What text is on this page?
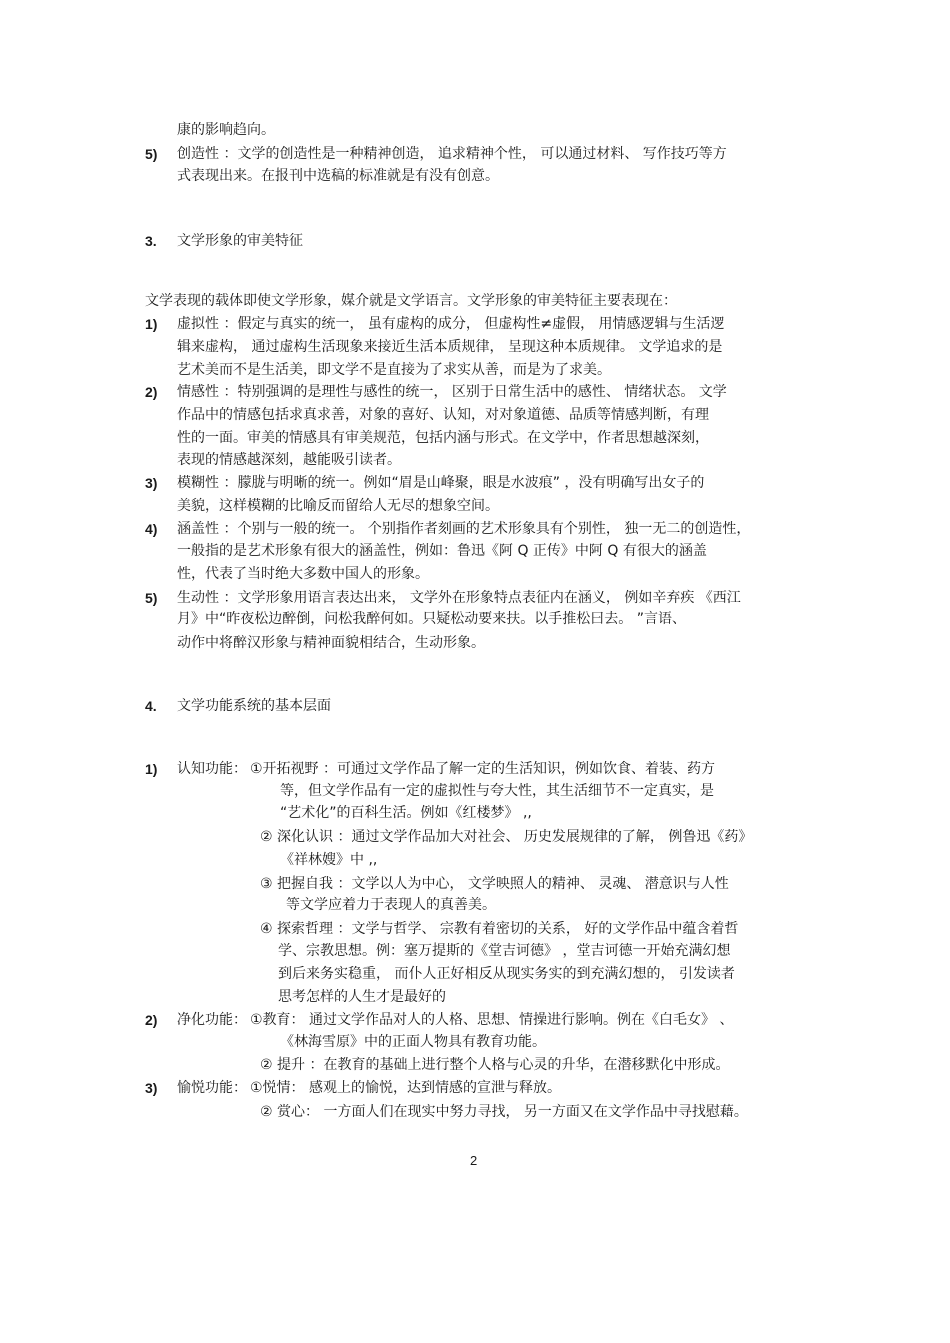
康的影响趋向。
5) 创造性 ：文学的创造性是一种精神创造， 追求精神个性， 可以通过材料、 写作技巧等方
式表现出来。在报刊中选稿的标准就是有没有创意。
3. 文学形象的审美特征
文学表现的载体即使文学形象，媒介就是文学语言。文学形象的审美特征主要表现在：
1) 虚拟性 ：假定与真实的统一， 虽有虚构的成分， 但虚构性≠虚假， 用情感逻辑与生活逻
辑来虚构， 通过虚构生活现象来接近生活本质规律， 呈现这种本质规律。 文学追求的是
艺术美而不是生活美，即文学不是直接为了求实从善，而是为了求美。
2) 情感性 ：特别强调的是理性与感性的统一， 区别于日常生活中的感性、 情绪状态。 文学
作品中的情感包括求真求善，对象的喜好、认知，对对象道德、品质等情感判断，有理
性的一面。审美的情感具有审美规范，包括内涵与形式。在文学中，作者思想越深刻，
表现的情感越深刻，越能吸引读者。
3) 模糊性 ：朦胧与明晰的统一。例如“眉是山峰聚，眼是水波痕” ，没有明确写出女子的
美貌，这样模糊的比喻反而留给人无尽的想象空间。
4) 涵盖性 ：个别与一般的统一。 个别指作者刻画的艺术形象具有个别性， 独一无二的创造性，
一般指的是艺术形象有很大的涵盖性，例如：鲁迅《阿 Q 正传》中阿 Q 有很大的涵盖
性，代表了当时绝大多数中国人的形象。
5) 生动性 ：文学形象用语言表达出来， 文学外在形象特点表征内在涵义， 例如辛弃疾 《西江
月》中“昨夜松边醉倒，问松我醉何如。只疑松动要来扶。以手推松曰去。 ”言语、
动作中将醉汉形象与精神面貌相结合，生动形象。
4. 文学功能系统的基本层面
1) 认知功能： ①开拓视野 ：可通过文学作品了解一定的生活知识，例如饮食、着装、药方
等，但文学作品有一定的虚拟性与夸大性，其生活细节不一定真实，是
“艺术化”的百科生活。例如《红楼梦》 ,,
② 深化认识 ：通过文学作品加大对社会、 历史发展规律的了解， 例鲁迅《药》
《祥林嫂》中 ,,
③ 把握自我 ：文学以人为中心， 文学映照人的精神、 灵魂、 潜意识与人性
等文学应着力于表现人的真善美。
④ 探索哲理 ：文学与哲学、 宗教有着密切的关系， 好的文学作品中蕴含着哲
学、宗教思想。例：塞万提斯的《堂吉诃德》 ，堂吉诃德一开始充满幻想
到后来务实稳重， 而仆人正好相反从现实务实的到充满幻想的， 引发读者
思考怎样的人生才是最好的
2) 净化功能： ①教育： 通过文学作品对人的人格、思想、情操进行影响。例在《白毛女》 、
《林海雪原》中的正面人物具有教育功能。
② 提升 ：在教育的基础上进行整个人格与心灵的升华，在潜移默化中形成。
3) 愉悦功能： ①悦情： 感观上的愉悦，达到情感的宣泄与释放。
② 赏心： 一方面人们在现实中努力寻找， 另一方面又在文学作品中寻找慰藉。
2
